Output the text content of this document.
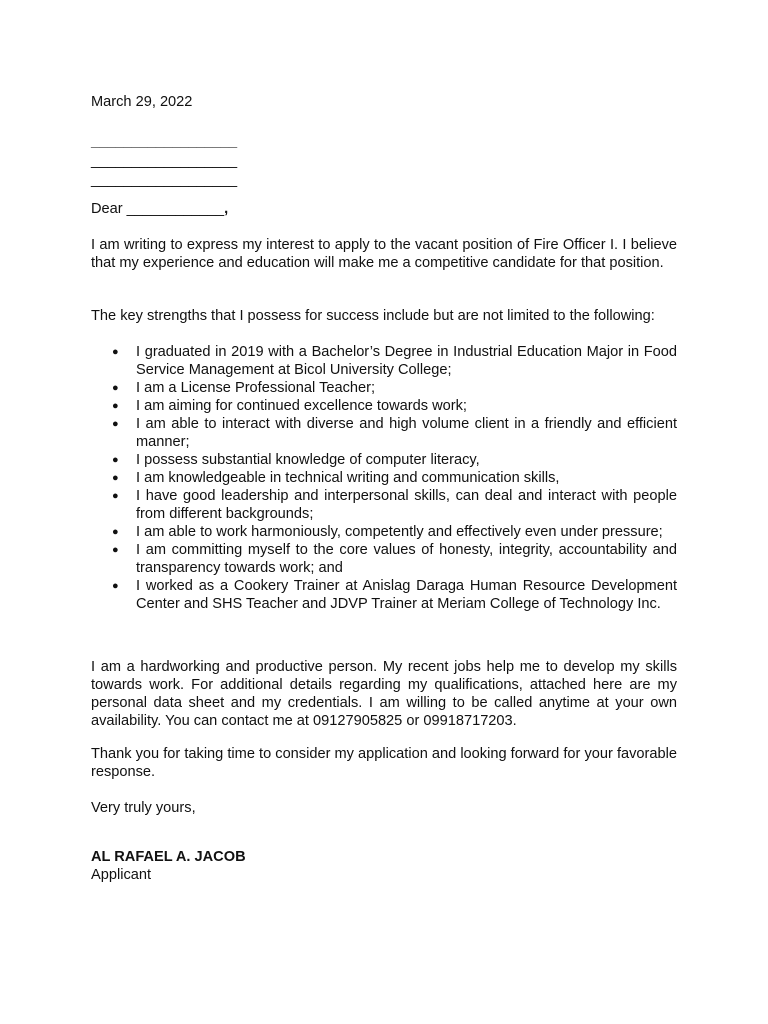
March 29, 2022
__________________
__________________
__________________
Dear ____________,

I am writing to express my interest to apply to the vacant position of Fire Officer I. I believe that my experience and education will make me a competitive candidate for that position.

The key strengths that I possess for success include but are not limited to the following:

● I graduated in 2019 with a Bachelor’s Degree in Industrial Education Major in Food Service Management at Bicol University College;
● I am a License Professional Teacher;
● I am aiming for continued excellence towards work;
● I am able to interact with diverse and high volume client in a friendly and efficient manner;
● I possess substantial knowledge of computer literacy,
● I am knowledgeable in technical writing and communication skills,
● I have good leadership and interpersonal skills, can deal and interact with people from different backgrounds;
● I am able to work harmoniously, competently and effectively even under pressure;
● I am committing myself to the core values of honesty, integrity, accountability and transparency towards work; and
● I worked as a Cookery Trainer at Anislag Daraga Human Resource Development Center and SHS Teacher and JDVP Trainer at Meriam College of Technology Inc.

I am a hardworking and productive person. My recent jobs help me to develop my skills towards work. For additional details regarding my qualifications, attached here are my personal data sheet and my credentials. I am willing to be called anytime at your own availability. You can contact me at 09127905825 or 09918717203.

Thank you for taking time to consider my application and looking forward for your favorable response.

Very truly yours,
AL RAFAEL A. JACOB
Applicant
